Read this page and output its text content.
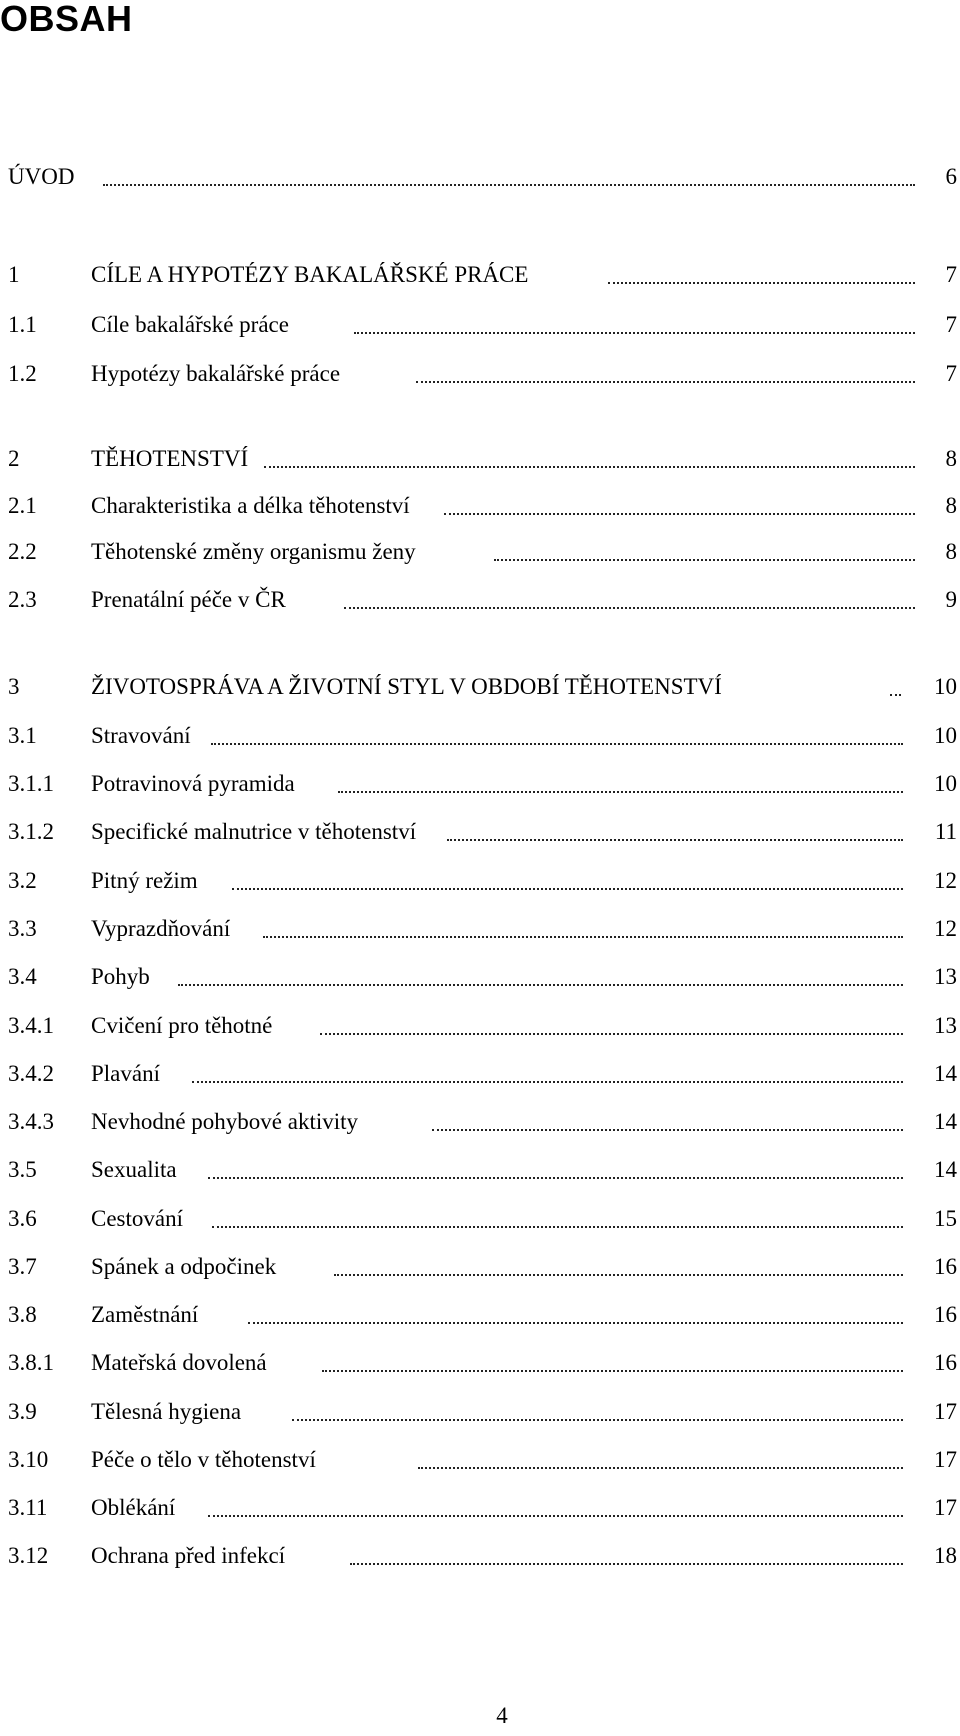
OBSAH
ÚVOD	6
1	CÍLE A HYPOTÉZY BAKALÁŘSKÉ PRÁCE	7
1.1 Cíle bakalářské práce	7
1.2 Hypotézy bakalářské práce	7
2	TĚHOTENSTVÍ	8
2.1 Charakteristika a délka těhotenství	8
2.2 Těhotenské změny organismu ženy	8
2.3 Prenatální péče v ČR	9
3	ŽIVOTOSPRÁVA A ŽIVOTNÍ STYL V OBDOBÍ TĚHOTENSTVÍ	10
3.1 Stravování	10
3.1.1 Potravinová pyramida	10
3.1.2 Specifické malnutrice v těhotenství	11
3.2 Pitný režim	12
3.3 Vyprazdňování	12
3.4 Pohyb	13
3.4.1 Cvičení pro těhotné	13
3.4.2 Plavání	14
3.4.3 Nevhodné pohybové aktivity	14
3.5 Sexualita	14
3.6 Cestování	15
3.7 Spánek a odpočinek	16
3.8 Zaměstnání	16
3.8.1 Mateřská dovolená	16
3.9 Tělesná hygiena	17
3.10 Péče o tělo v těhotenství	17
3.11 Oblékání	17
3.12 Ochrana před infekcí	18
4
